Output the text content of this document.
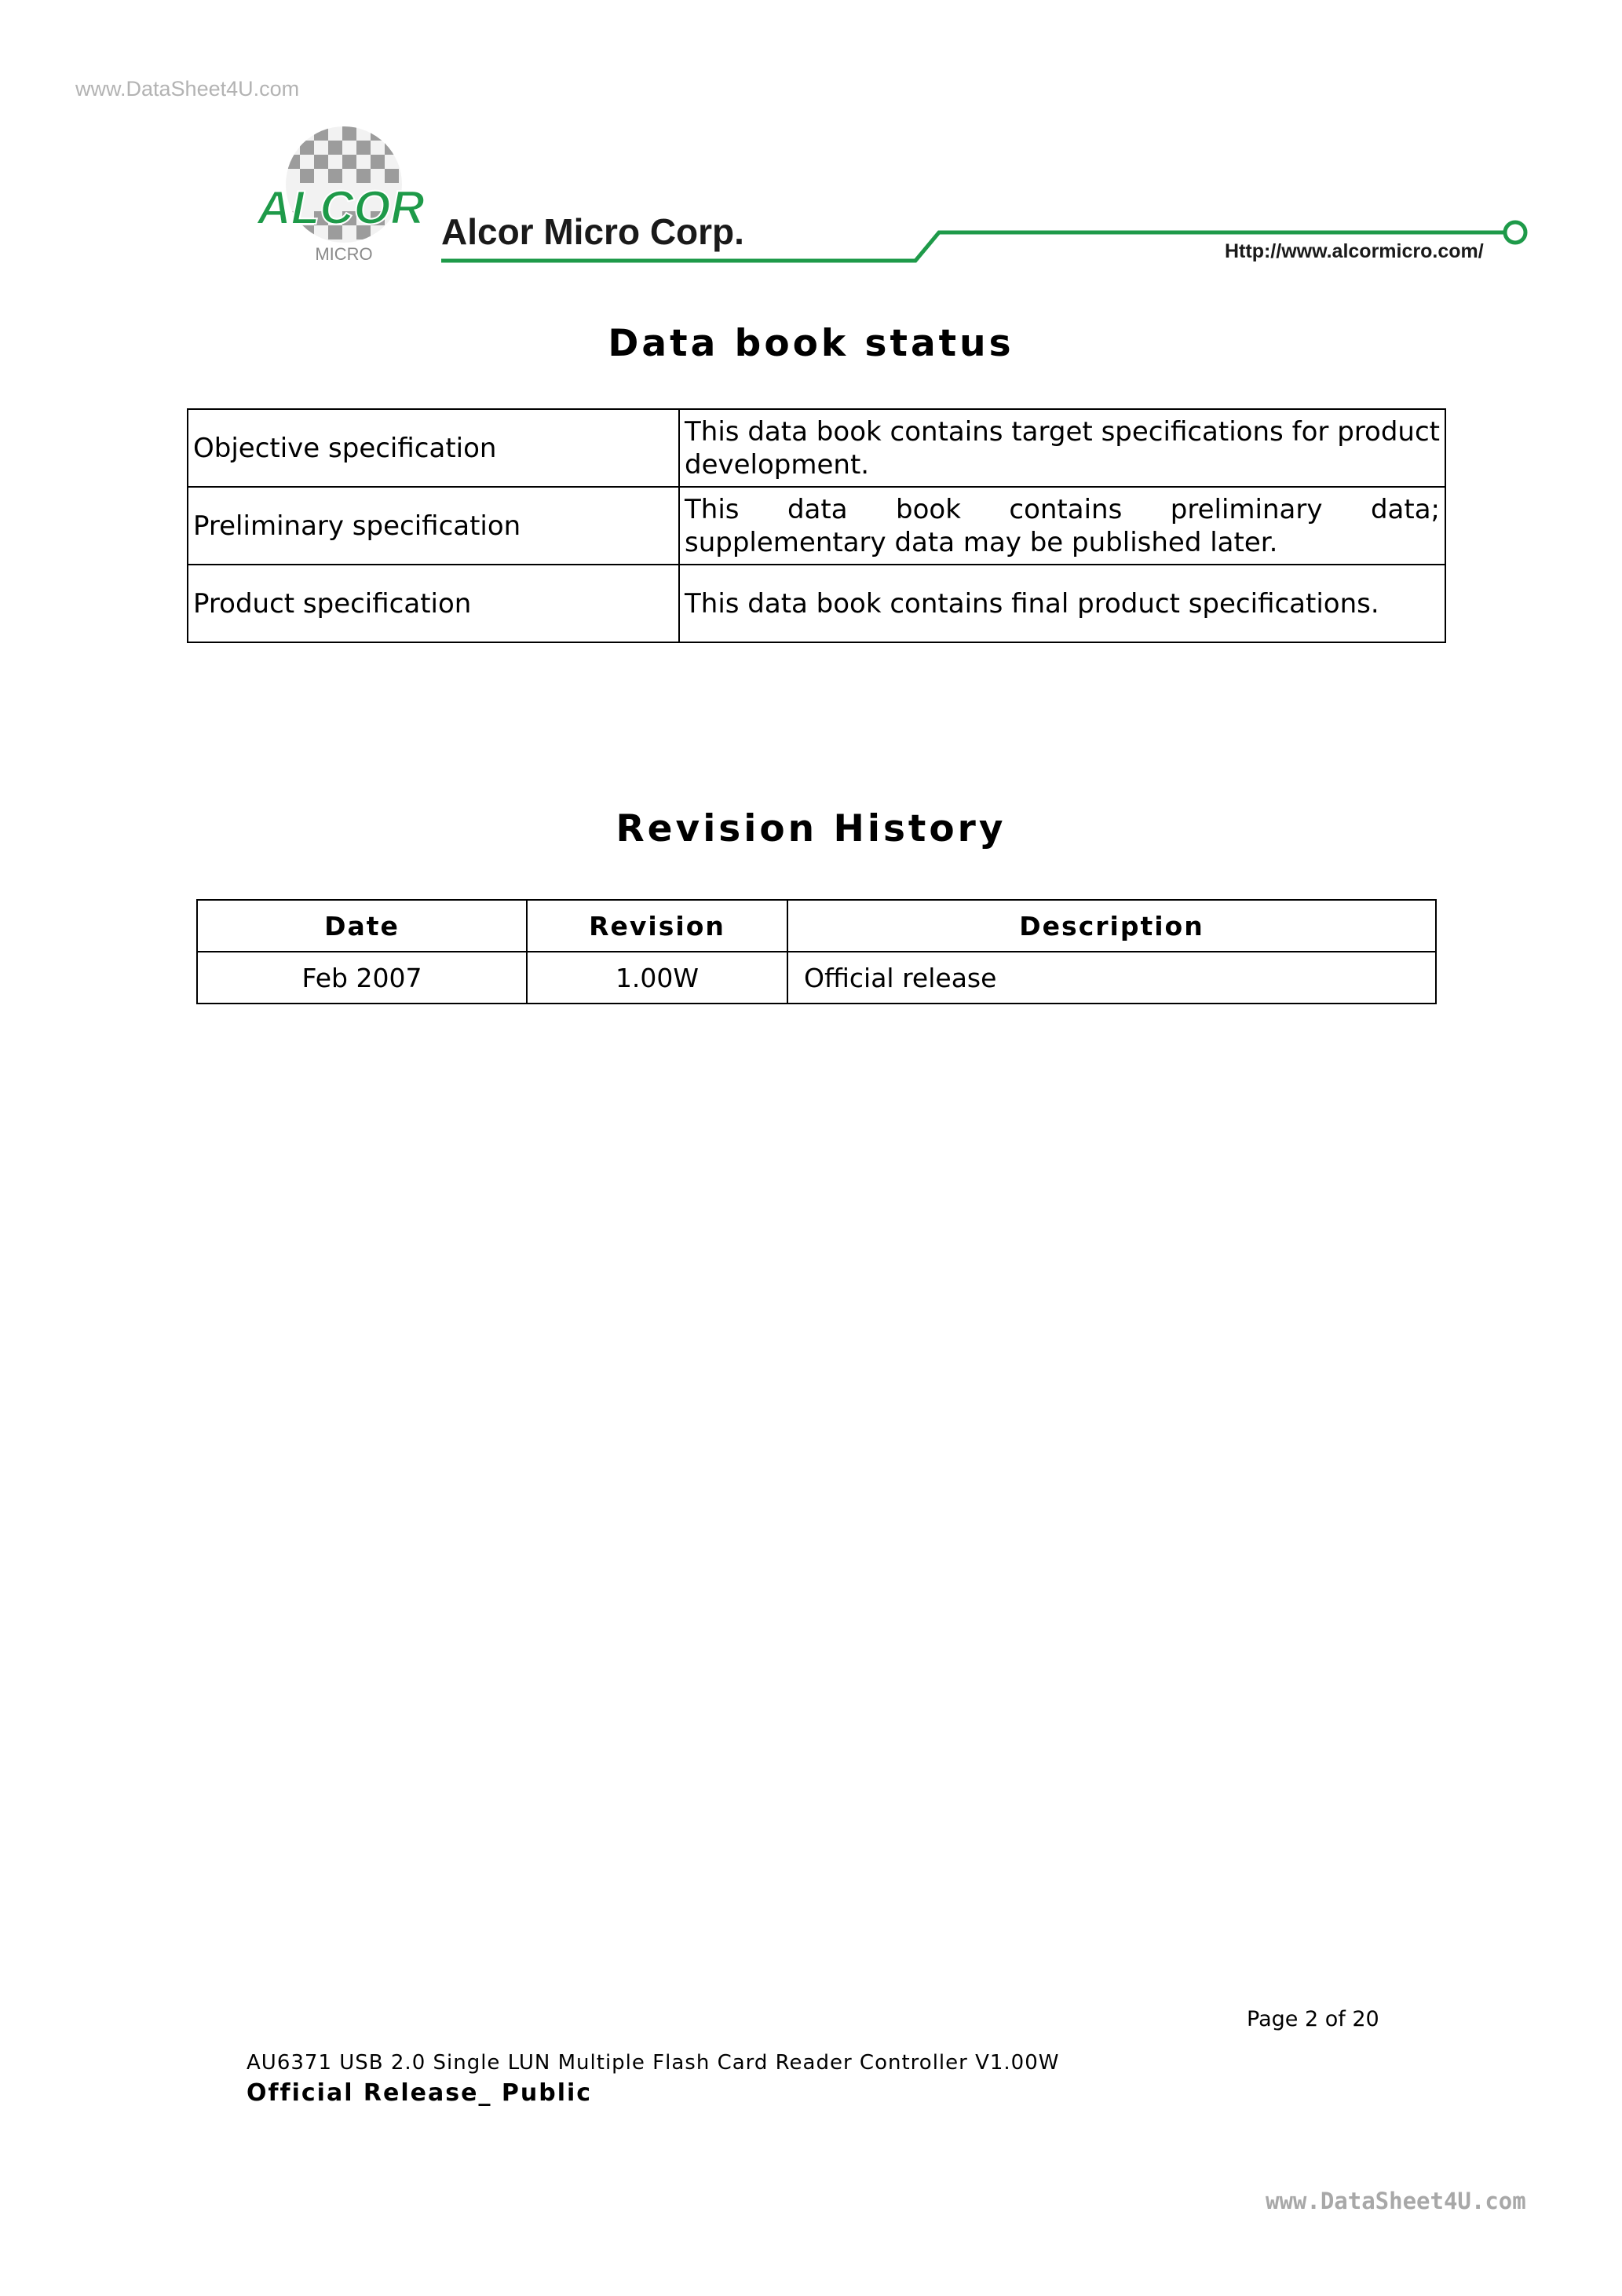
www.DataSheet4U.com
ALCOR
MICRO
Alcor Micro Corp.	Http://www.alcormicro.com/
Data book status
Objective specification	This data book contains target specifications for product development.
Preliminary specification	This data book contains preliminary data; supplementary data may be published later.
Product specification	This data book contains final product specifications.
Revision History
Date	Revision	Description
Feb 2007	1.00W	Official release
Page 2 of 20
AU6371 USB 2.0 Single LUN Multiple Flash Card Reader Controller V1.00W
Official Release_ Public
www.DataSheet4U.com
